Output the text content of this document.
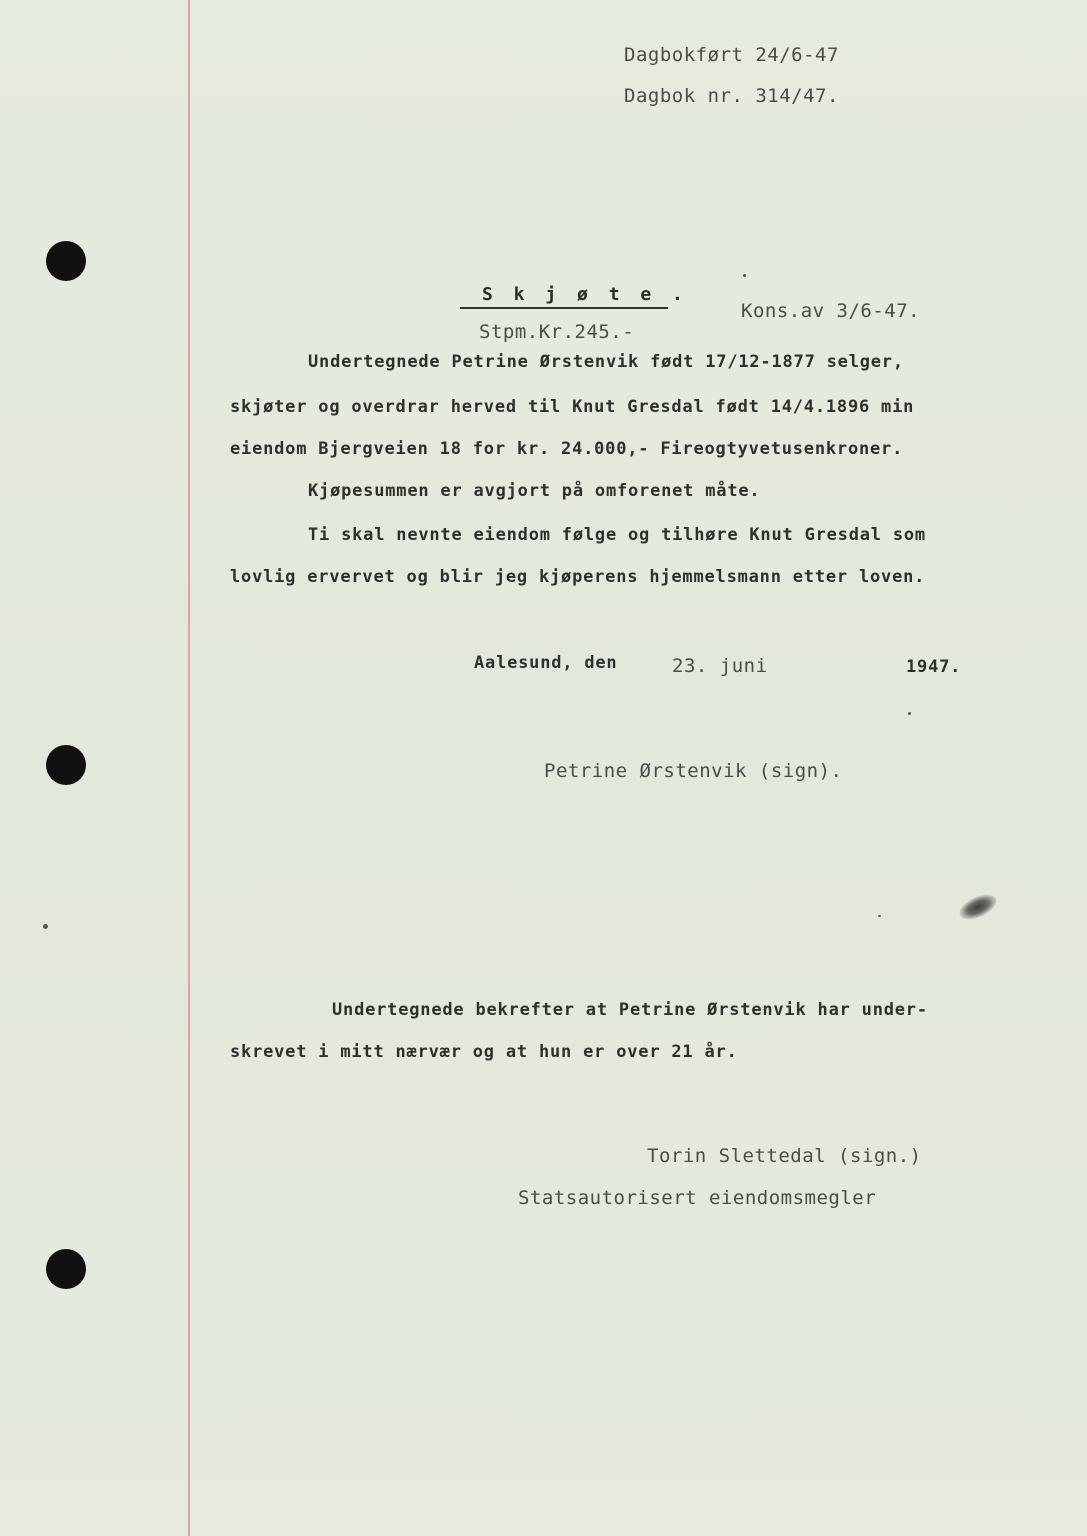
Dagbokført 24/6-47
Dagbok nr. 314/47.
S k j ø t e .
Kons.av 3/6-47.
Stpm.Kr.245.-
Undertegnede Petrine Ørstenvik født 17/12-1877 selger,
skjøter og overdrar herved til Knut Gresdal født 14/4.1896 min
eiendom Bjergveien 18 for kr. 24.000,- Fireogtyvetusenkroner.
Kjøpesummen er avgjort på omforenet måte.
Ti skal nevnte eiendom følge og tilhøre Knut Gresdal som
lovlig ervervet og blir jeg kjøperens hjemmelsmann etter loven.
Aalesund, den	23. juni	1947.
Petrine Ørstenvik (sign).
Undertegnede bekrefter at Petrine Ørstenvik har under-
skrevet i mitt nærvær og at hun er over 21 år.
Torin Slettedal (sign.)
Statsautorisert eiendomsmegler
